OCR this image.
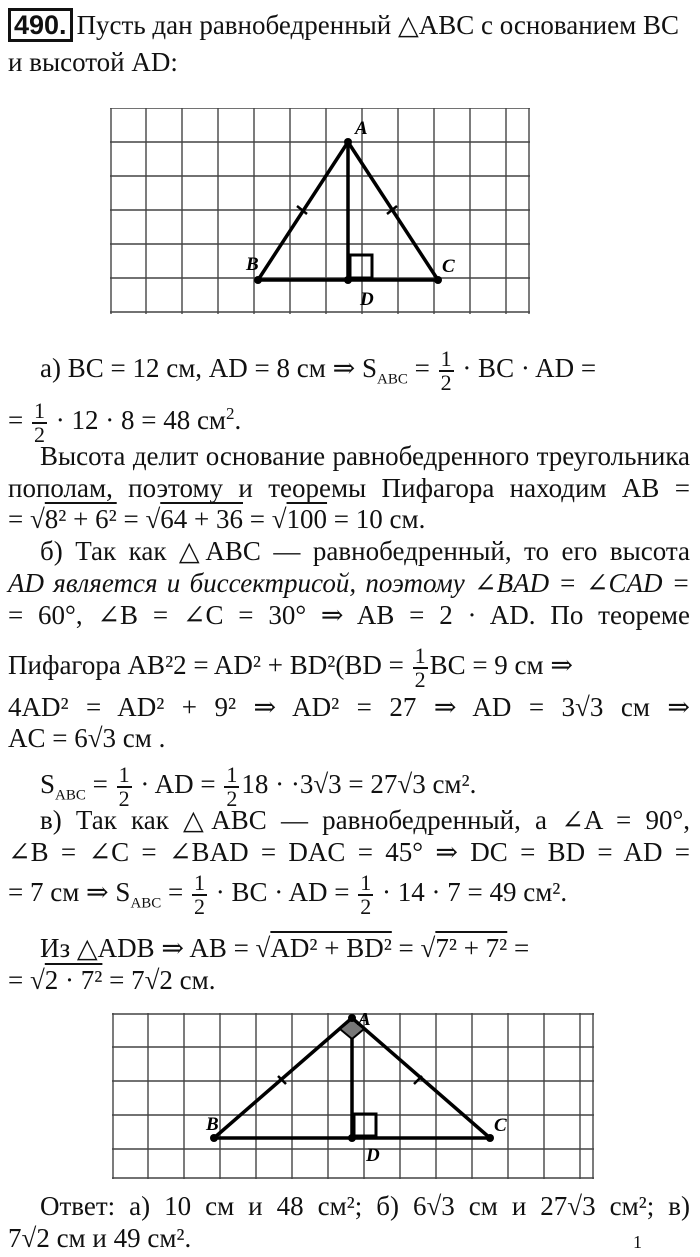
490. Пусть дан равнобедренный △ABC с основанием BC
и высотой AD:
A
B	C
D
а) BC = 12 см, AD = 8 см ⇒ $S_{ABC} = \frac{1}{2}$ · BC · AD =
= $\frac{1}{2} \cdot 12 \cdot 8 = 48$ $см^2$.
Высота делит основание равнобедренного треугольника
пополам, поэтому и теоремы Пифагора находим AB =
= √8² + 6² = √64 + 36 = √100 = 10 см.
б) Так как △ABC — равнобедренный, то его высота
AD является и биссектрисой, поэтому ∠BAD = ∠CAD =
= 60°, ∠B = ∠C = 30° ⇒ AB = 2 · AD. По теореме
Пифагора $AB^22 = AD^2 + BD^2(BD = \frac{1}{2}$ BC = 9 см ⇒
4AD² = AD² + 9² ⇒ AD² = 27 ⇒ AD = 3√3 см ⇒
AC = 6√3 см .
$S_{ABC} = \frac{1}{2}$ · AD = $\frac{1}{2} 18 \cdot \cdot 3√3 = 27√3$ см².
в) Так как △ABC — равнобедренный, а ∠A = 90°,
∠B = ∠C = ∠BAD = DAC = 45° ⇒ DC = BD = AD =
= 7 см ⇒ $S_{ABC} = \frac{1}{2}$ · BC · AD = $\frac{1}{2} \cdot 14 \cdot 7 = 49$ см².
Из △ADB ⇒ AB = √AD² + BD² = √7² + 7² =
= √2 · 7² = 7√2 см.
A
B	C
D
Ответ: а) 10 см и 48 см²; б) 6√3 см и 27√3 см²; в)
7√2 см и 49 см².	1
